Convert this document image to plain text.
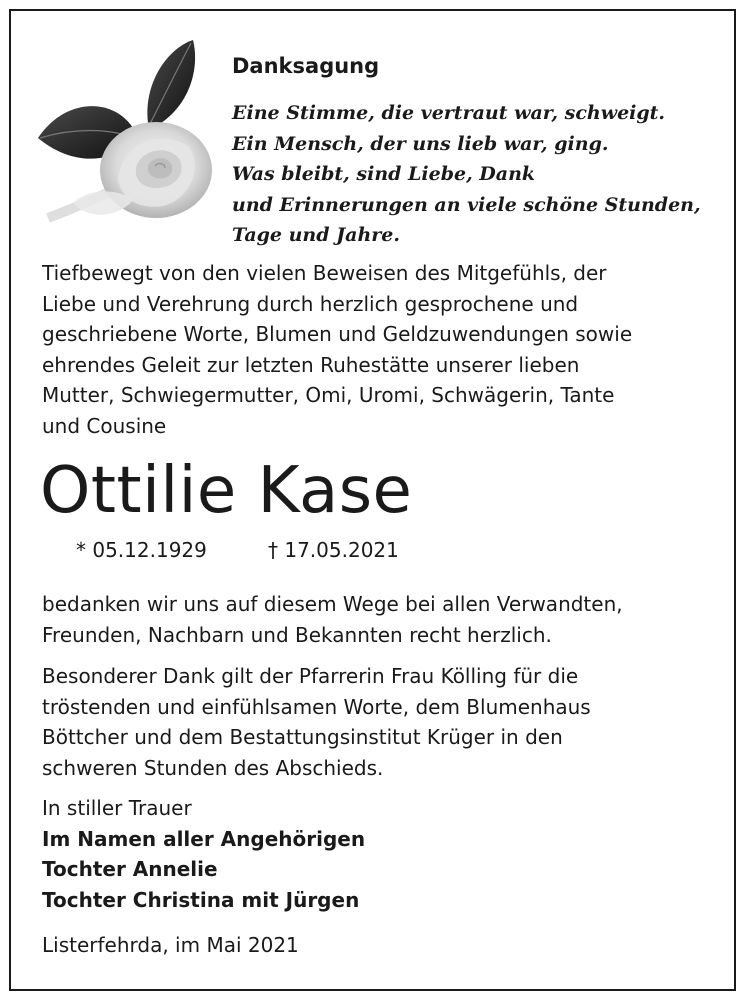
Danksagung
Eine Stimme, die vertraut war, schweigt.
Ein Mensch, der uns lieb war, ging.
Was bleibt, sind Liebe, Dank
und Erinnerungen an viele schöne Stunden,
Tage und Jahre.

Tiefbewegt von den vielen Beweisen des Mitgefühls, der
Liebe und Verehrung durch herzlich gesprochene und
geschriebene Worte, Blumen und Geldzuwendungen sowie
ehrendes Geleit zur letzten Ruhestätte unserer lieben
Mutter, Schwiegermutter, Omi, Uromi, Schwägerin, Tante
und Cousine

Ottilie Kase
* 05.12.1929	† 17.05.2021

bedanken wir uns auf diesem Wege bei allen Verwandten,
Freunden, Nachbarn und Bekannten recht herzlich.

Besonderer Dank gilt der Pfarrerin Frau Kölling für die
tröstenden und einfühlsamen Worte, dem Blumenhaus
Böttcher und dem Bestattungsinstitut Krüger in den
schweren Stunden des Abschieds.

In stiller Trauer
Im Namen aller Angehörigen
Tochter Annelie
Tochter Christina mit Jürgen
Listerfehrda, im Mai 2021
